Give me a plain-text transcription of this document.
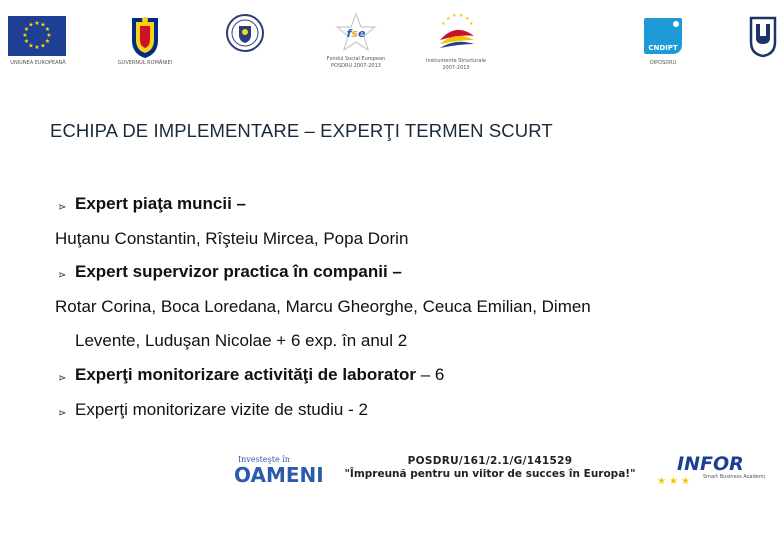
★ ★
★
★
★
★
★
★
★
★
★
★
UNIUNEA EUROPEANĂ	GUVERNUL ROMÂNIEI
fse
Fondul Social European
POSDRU 2007-2013
★ ★ ★ ★
★	★
Instrumente Structurale
2007-2013
CNDIPT
OIPOSDRU
ECHIPA DE IMPLEMENTARE – EXPERŢI TERMEN SCURT
⋗ Expert piaţa muncii –
Huţanu Constantin, Rîşteiu Mircea, Popa Dorin
⋗ Expert supervizor practica în companii –
Rotar Corina, Boca Loredana, Marcu Gheorghe, Ceuca Emilian, Dimen
Levente, Luduşan Nicolae + 6 exp. în anul 2
⋗ Experţi monitorizare activităţi de laborator – 6
⋗ Experţi monitorizare vizite de studiu - 2
Investeşte în
OAMENI!
POSDRU/161/2.1/G/141529
"Împreună pentru un viitor de succes în Europa!" INFOR
★ ★ ★	Smart Business Academy
